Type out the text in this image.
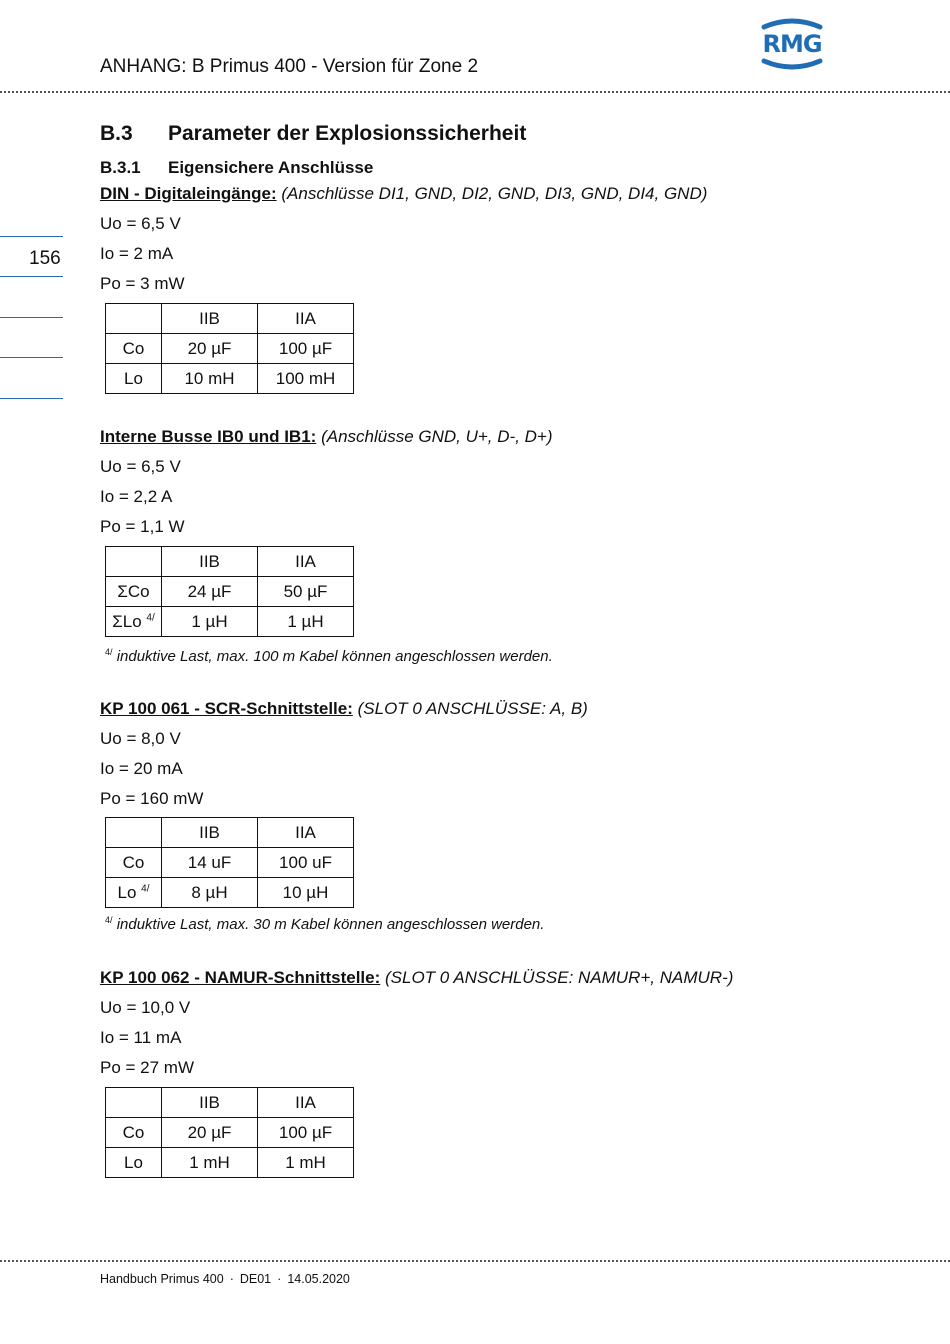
ANHANG: B Primus 400 - Version für Zone 2
RMG
156
B.3 Parameter der Explosionssicherheit
B.3.1 Eigensichere Anschlüsse
DIN - Digitaleingänge: (Anschlüsse DI1, GND, DI2, GND, DI3, GND, DI4, GND)
Uo = 6,5 V
Io = 2 mA
Po = 3 mW
	IIB	IIA
Co	20 µF	100 µF
Lo	10 mH	100 mH
Interne Busse IB0 und IB1: (Anschlüsse GND, U+, D-, D+)
Uo = 6,5 V
Io = 2,2 A
Po = 1,1 W
	IIB	IIA
ΣCo	24 µF	50 µF
ΣLo $^{4/}$	1 µH	1 µH
$^{4/}$ induktive Last, max. 100 m Kabel können angeschlossen werden.
KP 100 061 - SCR-Schnittstelle: (SLOT 0 ANSCHLÜSSE: A, B)
Uo = 8,0 V
Io = 20 mA
Po = 160 mW
	IIB	IIA
Co	14 uF	100 uF
Lo $^{4/}$	8 µH	10 µH
$^{4/}$ induktive Last, max. 30 m Kabel können angeschlossen werden.
KP 100 062 - NAMUR-Schnittstelle: (SLOT 0 ANSCHLÜSSE: NAMUR+, NAMUR-)
Uo = 10,0 V
Io = 11 mA
Po = 27 mW
	IIB	IIA
Co	20 µF	100 µF
Lo	1 mH	1 mH
Handbuch Primus 400 · DE01 · 14.05.2020
